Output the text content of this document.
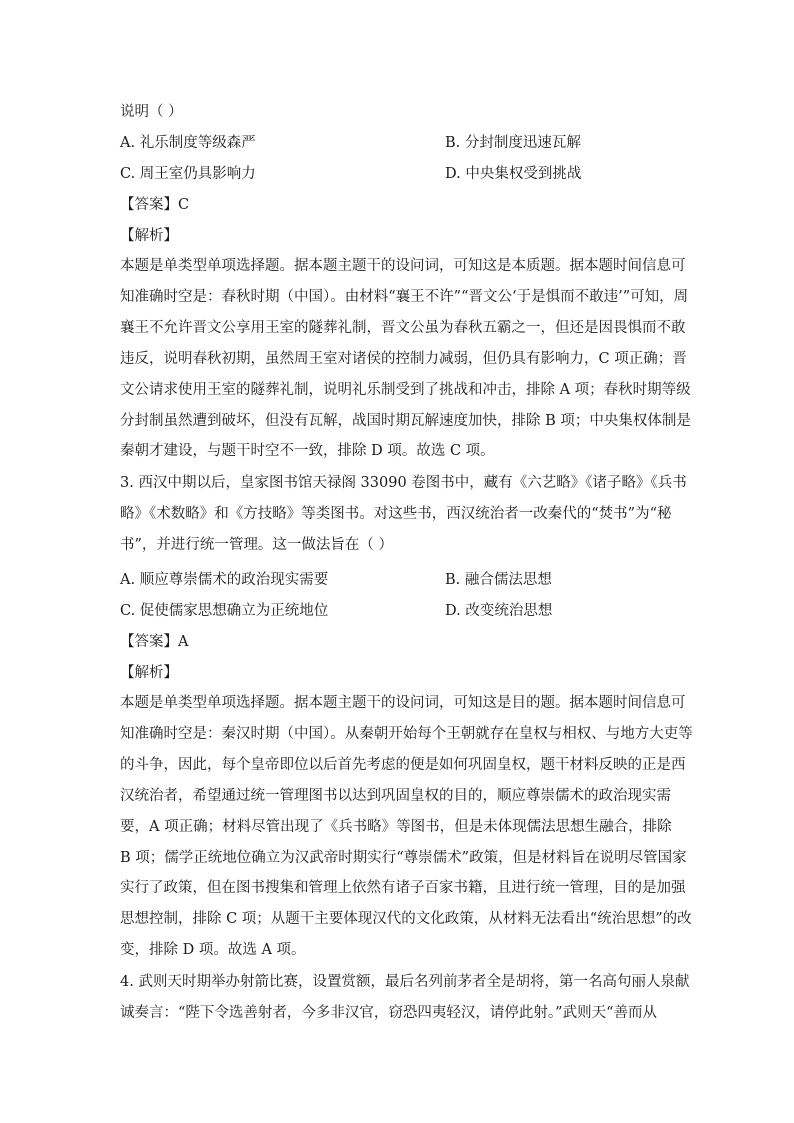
说明（ ）
A. 礼乐制度等级森严	B. 分封制度迅速瓦解
C. 周王室仍具影响力	D. 中央集权受到挑战
【答案】C
【解析】
本题是单类型单项选择题。据本题主题干的设问词，可知这是本质题。据本题时间信息可
知准确时空是：春秋时期（中国）。由材料“襄王不许”“晋文公‘于是惧而不敢违’”可知，周
襄王不允许晋文公享用王室的隧葬礼制，晋文公虽为春秋五霸之一，但还是因畏惧而不敢
违反，说明春秋初期，虽然周王室对诸侯的控制力减弱，但仍具有影响力，C 项正确；晋
文公请求使用王室的隧葬礼制，说明礼乐制受到了挑战和冲击，排除 A 项；春秋时期等级
分封制虽然遭到破坏，但没有瓦解，战国时期瓦解速度加快，排除 B 项；中央集权体制是
秦朝才建设，与题干时空不一致，排除 D 项。故选 C 项。
3. 西汉中期以后，皇家图书馆天禄阁 33090 卷图书中，藏有《六艺略》《诸子略》《兵书
略》《术数略》和《方技略》等类图书。对这些书，西汉统治者一改秦代的“焚书”为“秘
书”，并进行统一管理。这一做法旨在（ ）
A. 顺应尊崇儒术的政治现实需要	B. 融合儒法思想
C. 促使儒家思想确立为正统地位	D. 改变统治思想
【答案】A
【解析】
本题是单类型单项选择题。据本题主题干的设问词，可知这是目的题。据本题时间信息可
知准确时空是：秦汉时期（中国）。从秦朝开始每个王朝就存在皇权与相权、与地方大吏等
的斗争，因此，每个皇帝即位以后首先考虑的便是如何巩固皇权，题干材料反映的正是西
汉统治者，希望通过统一管理图书以达到巩固皇权的目的，顺应尊崇儒术的政治现实需
要，A 项正确；材料尽管出现了《兵书略》等图书，但是未体现儒法思想生融合，排除
B 项；儒学正统地位确立为汉武帝时期实行“尊崇儒术”政策，但是材料旨在说明尽管国家
实行了政策，但在图书搜集和管理上依然有诸子百家书籍，且进行统一管理，目的是加强
思想控制，排除 C 项；从题干主要体现汉代的文化政策，从材料无法看出“统治思想”的改
变，排除 D 项。故选 A 项。
4. 武则天时期举办射箭比赛，设置赏额，最后名列前茅者全是胡将，第一名高句丽人泉献
诚奏言：“陛下令选善射者，今多非汉官，窃恐四夷轻汉，请停此射。”武则天“善而从
